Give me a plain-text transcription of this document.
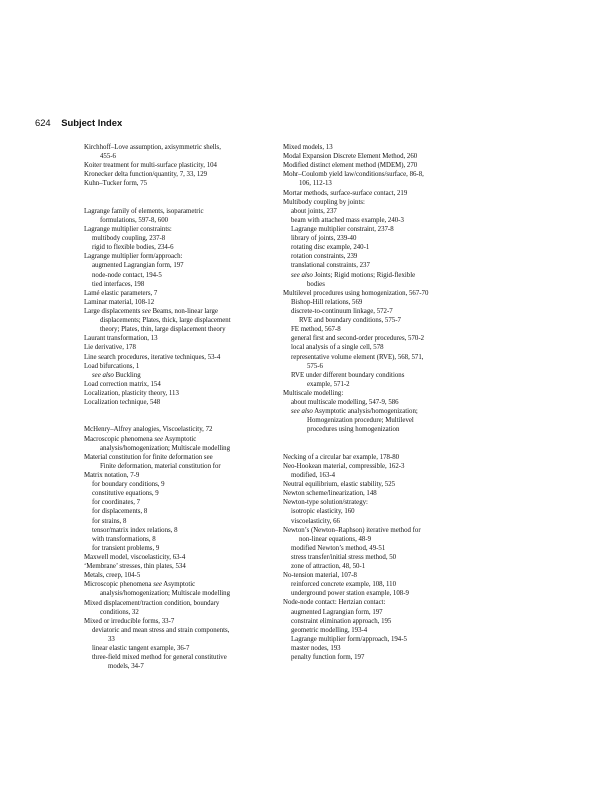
624 Subject Index
Kirchhoff–Love assumption, axisymmetric shells,
455-6
Koiter treatment for multi-surface plasticity, 104
Kronecker delta function/quantity, 7, 33, 129
Kuhn–Tucker form, 75
Lagrange family of elements, isoparametric
formulations, 597-8, 600
Lagrange multiplier constraints:
multibody coupling, 237-8
rigid to flexible bodies, 234-6
Lagrange multiplier form/approach:
augmented Lagrangian form, 197
node-node contact, 194-5
tied interfaces, 198
Lamé elastic parameters, 7
Laminar material, 108-12
Large displacements see Beams, non-linear large
displacements; Plates, thick, large displacement
theory; Plates, thin, large displacement theory
Laurant transformation, 13
Lie derivative, 178
Line search procedures, iterative techniques, 53-4
Load bifurcations, 1
see also Buckling
Load correction matrix, 154
Localization, plasticity theory, 113
Localization technique, 548
McHenry–Alfrey analogies, Viscoelasticity, 72
Macroscopic phenomena see Asymptotic
analysis/homogenization; Multiscale modelling
Material constitution for finite deformation see
Finite deformation, material constitution for
Matrix notation, 7-9
for boundary conditions, 9
constitutive equations, 9
for coordinates, 7
for displacements, 8
for strains, 8
tensor/matrix index relations, 8
with transformations, 8
for transient problems, 9
Maxwell model, viscoelasticity, 63-4
‘Membrane’ stresses, thin plates, 534
Metals, creep, 104-5
Microscopic phenomena see Asymptotic
analysis/homogenization; Multiscale modelling
Mixed displacement/traction condition, boundary
conditions, 32
Mixed or irreducible forms, 33-7
deviatoric and mean stress and strain components,
33
linear elastic tangent example, 36-7
three-field mixed method for general constitutive
models, 34-7
Mixed models, 13
Modal Expansion Discrete Element Method, 260
Modified distinct element method (MDEM), 270
Mohr–Coulomb yield law/conditions/surface, 86-8,
106, 112-13
Mortar methods, surface-surface contact, 219
Multibody coupling by joints:
about joints, 237
beam with attached mass example, 240-3
Lagrange multiplier constraint, 237-8
library of joints, 239-40
rotating disc example, 240-1
rotation constraints, 239
translational constraints, 237
see also Joints; Rigid motions; Rigid-flexible
bodies
Multilevel procedures using homogenization, 567-70
Bishop-Hill relations, 569
discrete-to-continuum linkage, 572-7
RVE and boundary conditions, 575-7
FE method, 567-8
general first and second-order procedures, 570-2
local analysis of a single cell, 578
representative volume element (RVE), 568, 571,
575-6
RVE under different boundary conditions
example, 571-2
Multiscale modelling:
about multiscale modelling, 547-9, 586
see also Asymptotic analysis/homogenization;
Homogenization procedure; Multilevel
procedures using homogenization
Necking of a circular bar example, 178-80
Neo-Hookean material, compressible, 162-3
modified, 163-4
Neutral equilibrium, elastic stability, 525
Newton scheme/linearization, 148
Newton-type solution/strategy:
isotropic elasticity, 160
viscoelasticity, 66
Newton’s (Newton–Raphson) iterative method for
non-linear equations, 48-9
modified Newton’s method, 49-51
stress transfer/initial stress method, 50
zone of attraction, 48, 50-1
No-tension material, 107-8
reinforced concrete example, 108, 110
underground power station example, 108-9
Node-node contact: Hertzian contact:
augmented Lagrangian form, 197
constraint elimination approach, 195
geometric modelling, 193-4
Lagrange multiplier form/approach, 194-5
master nodes, 193
penalty function form, 197
